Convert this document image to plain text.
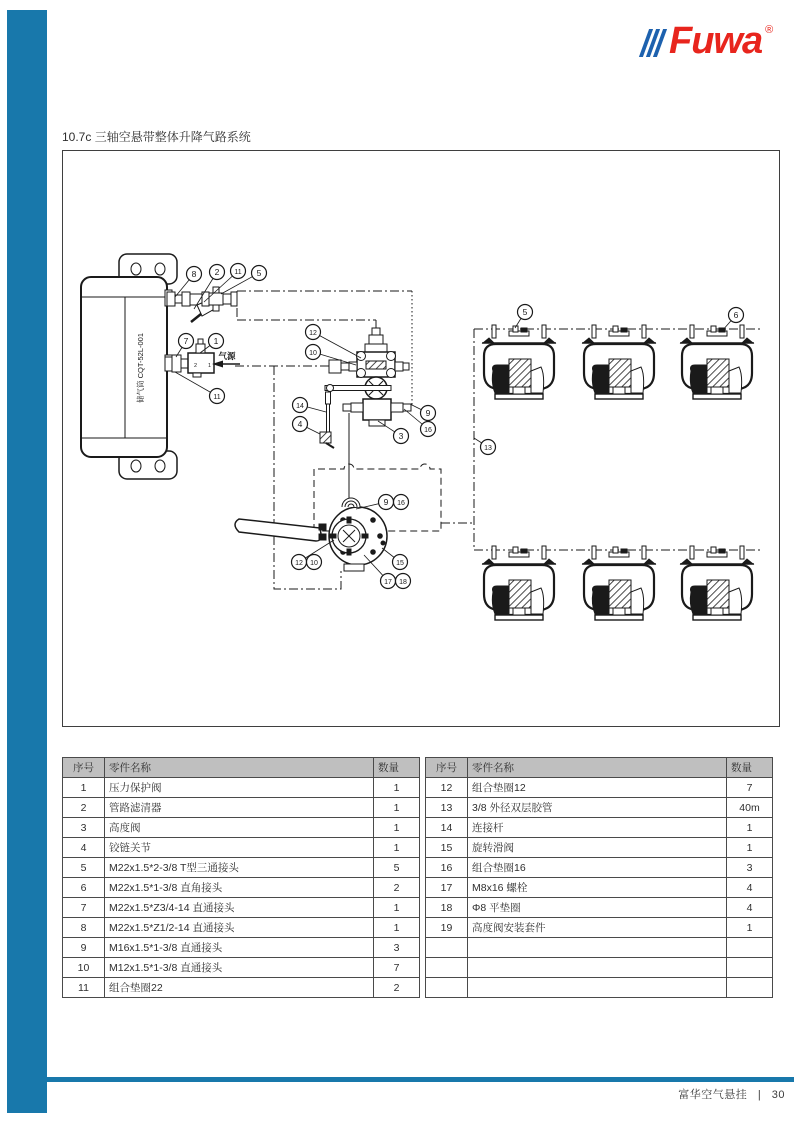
Fuwa ®
10.7c 三轴空悬带整体升降气路系统
储气筒 CQT-52L-001	2 1
气源
8 2 11 5
7	1
11
12
10
14
4
9
16
3
5	6
13
9 16
12 10	15
17 18
序号	零件名称	数量
1	压力保护阀	1
2	管路滤清器	1
3	高度阀	1
4	铰链关节	1
5	M22x1.5*2-3/8 T型三通接头	5
6	M22x1.5*1-3/8 直角接头	2
7	M22x1.5*Z3/4-14 直通接头	1
8	M22x1.5*Z1/2-14 直通接头	1
9	M16x1.5*1-3/8 直通接头	3
10	M12x1.5*1-3/8 直通接头	7
11	组合垫圈22	2
序号	零件名称	数量
12	组合垫圈12	7
13	3/8 外径双层胶管	40m
14	连接杆	1
15	旋转滑阀	1
16	组合垫圈16	3
17	M8x16 螺栓	4
18	Φ8 平垫圈	4
19	高度阀安装套件	1

富华空气悬挂 | 30
